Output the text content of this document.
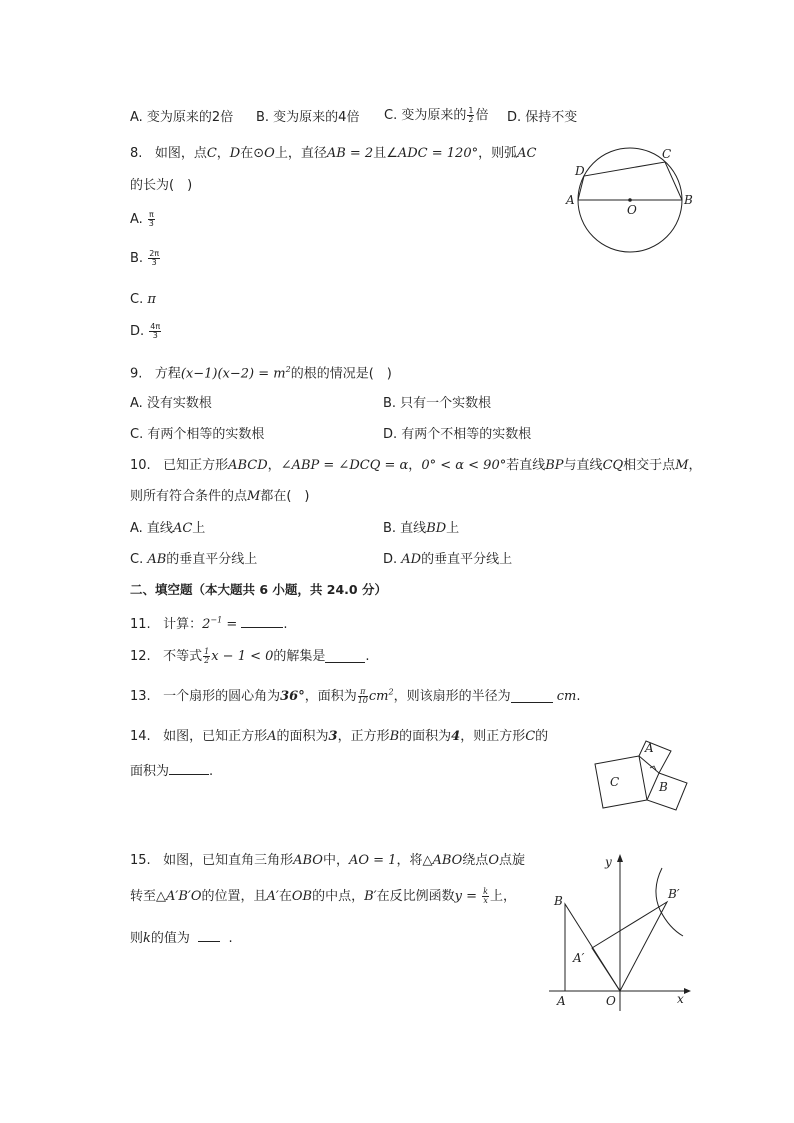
A. 变为原来的2倍 B. 变为原来的4倍 C. 变为原来的 $\frac{1}{2}$ 倍 D. 保持不变
8. 如图，点C，D在⊙O上，直径AB = 2且∠ADC = 120°，则弧AC
的长为(　)
A. $\frac{\pi}{3}$
B. $\frac{2\pi}{3}$
C. π
D. $\frac{4\pi}{3}$
A	B
C
D
O
9. 方程$(x-1)(x-2) = m^2$的根的情况是(　)
A. 没有实数根	B. 只有一个实数根
C. 有两个相等的实数根	D. 有两个不相等的实数根
10. 已知正方形ABCD，∠ABP = ∠DCQ = α，0° < α < 90°若直线BP与直线CQ相交于点M，
则所有符合条件的点M都在(　)
A. 直线AC上	B. 直线BD上
C. AB的垂直平分线上	D. AD的垂直平分线上
二、填空题（本大题共 6 小题，共 24.0 分）
11. 计算：$2^{-1}$ =	.
12. 不等式 $\frac{1}{2}$ x − 1 < 0的解集是	.
13. 一个扇形的圆心角为36°，面积为 $\frac{\pi}{10} cm^2$，则该扇形的半径为	cm.
14. 如图，已知正方形A的面积为3，正方形B的面积为4，则正方形C的
面积为	.
A
B
C
15. 如图，已知直角三角形ABO中，AO = 1，将△ABO绕点O点旋
转至△A′B′O的位置，且A′在OB的中点，B′在反比例函数$y = \frac{k}{x}$ 上，
则k的值为	.
y
x
B	B′
A′
A	O
